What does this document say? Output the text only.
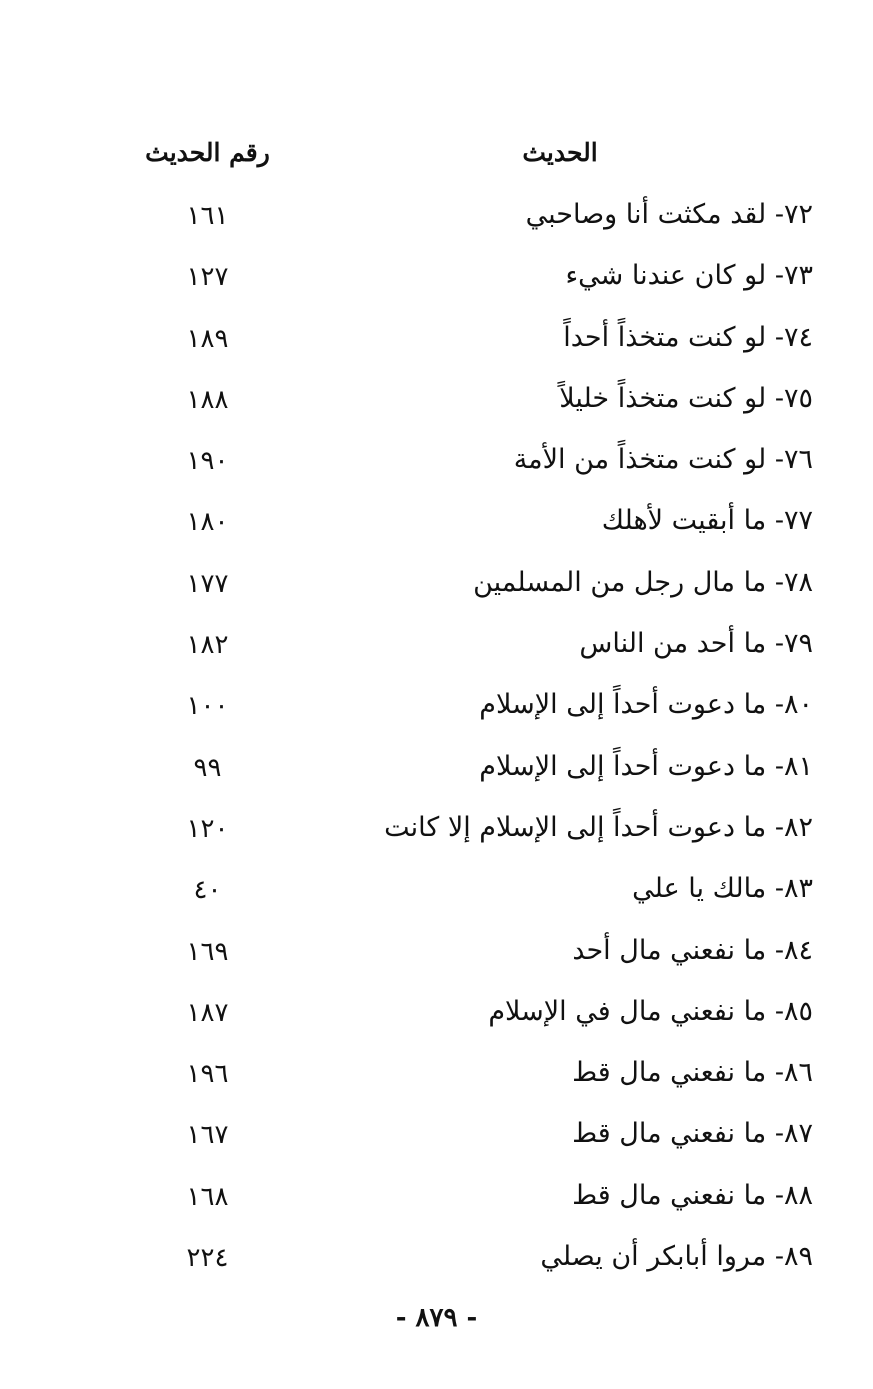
الحديث
رقم الحديث
٧٢- لقد مكثت أنا وصاحبي
١٦١
٧٣- لو كان عندنا شيء
١٢٧
٧٤- لو كنت متخذاً أحداً
١٨٩
٧٥- لو كنت متخذاً خليلاً
١٨٨
٧٦- لو كنت متخذاً من الأمة
١٩٠
٧٧- ما أبقيت لأهلك
١٨٠
٧٨- ما مال رجل من المسلمين
١٧٧
٧٩- ما أحد من الناس
١٨٢
٨٠- ما دعوت أحداً إلى الإسلام
١٠٠
٨١- ما دعوت أحداً إلى الإسلام
٩٩
٨٢- ما دعوت أحداً إلى الإسلام إلا كانت
١٢٠
٨٣- مالك يا علي
٤٠
٨٤- ما نفعني مال أحد
١٦٩
٨٥- ما نفعني مال في الإسلام
١٨٧
٨٦- ما نفعني مال قط
١٩٦
٨٧- ما نفعني مال قط
١٦٧
٨٨- ما نفعني مال قط
١٦٨
٨٩- مروا أبابكر أن يصلي
٢٢٤
- ٨٧٩ -
